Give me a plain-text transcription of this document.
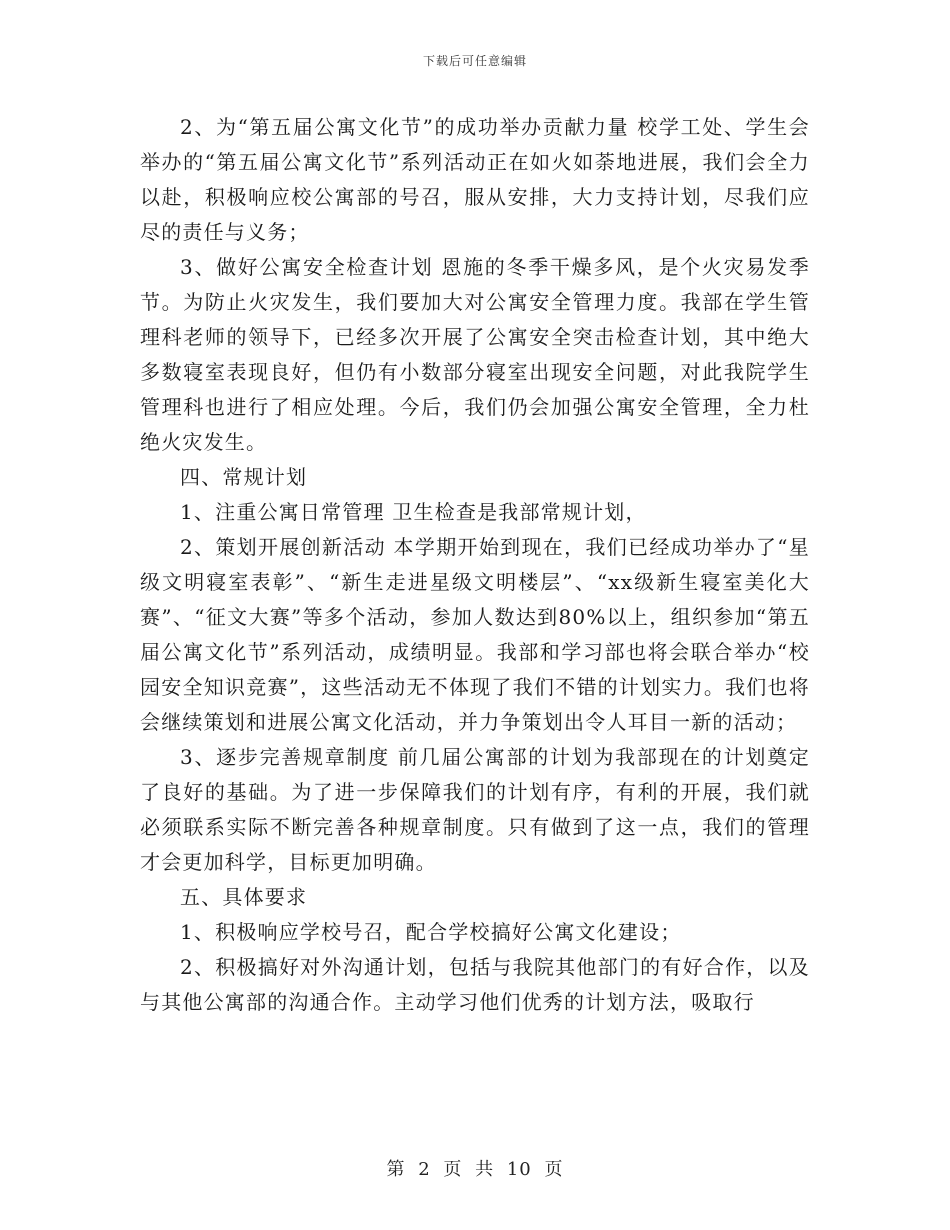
下载后可任意编辑

2、为“第五届公寓文化节”的成功举办贡献力量 校学工处、学生会举办的“第五届公寓文化节”系列活动正在如火如荼地进展，我们会全力以赴，积极响应校公寓部的号召，服从安排，大力支持计划，尽我们应尽的责任与义务；

3、做好公寓安全检查计划 恩施的冬季干燥多风，是个火灾易发季节。为防止火灾发生，我们要加大对公寓安全管理力度。我部在学生管理科老师的领导下，已经多次开展了公寓安全突击检查计划，其中绝大多数寝室表现良好，但仍有小数部分寝室出现安全问题，对此我院学生管理科也进行了相应处理。今后，我们仍会加强公寓安全管理，全力杜绝火灾发生。

四、常规计划

1、注重公寓日常管理 卫生检查是我部常规计划，

2、策划开展创新活动 本学期开始到现在，我们已经成功举办了“星级文明寝室表彰”、“新生走进星级文明楼层”、“xx级新生寝室美化大赛”、“征文大赛”等多个活动，参加人数达到80%以上，组织参加“第五届公寓文化节”系列活动，成绩明显。我部和学习部也将会联合举办“校园安全知识竞赛”，这些活动无不体现了我们不错的计划实力。我们也将会继续策划和进展公寓文化活动，并力争策划出令人耳目一新的活动；

3、逐步完善规章制度 前几届公寓部的计划为我部现在的计划奠定了良好的基础。为了进一步保障我们的计划有序，有利的开展，我们就必须联系实际不断完善各种规章制度。只有做到了这一点，我们的管理才会更加科学，目标更加明确。

五、具体要求

1、积极响应学校号召，配合学校搞好公寓文化建设；

2、积极搞好对外沟通计划，包括与我院其他部门的有好合作，以及与其他公寓部的沟通合作。主动学习他们优秀的计划方法，吸取行

第 2 页 共 10 页
